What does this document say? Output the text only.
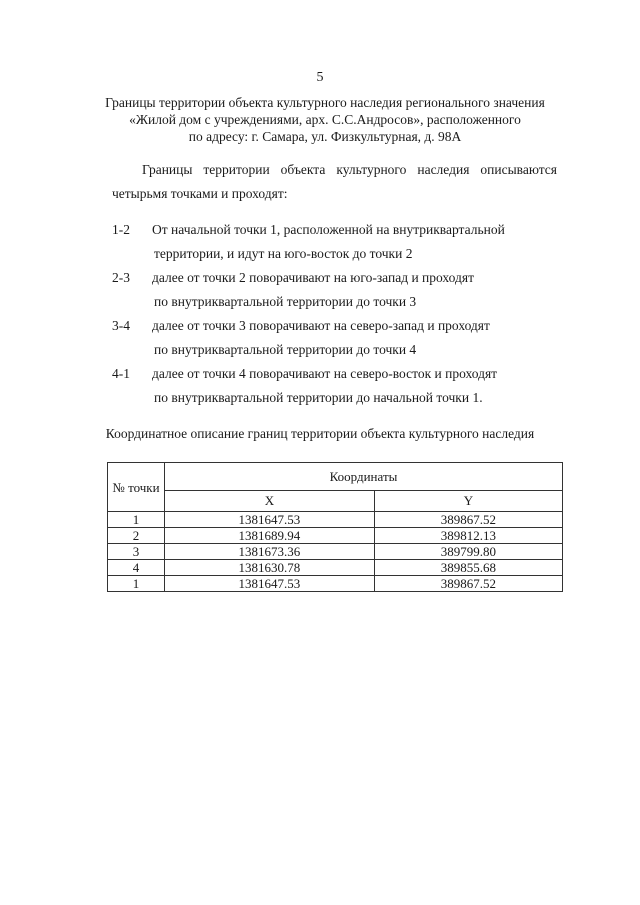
5
Границы территории объекта культурного наследия регионального значения
«Жилой дом с учреждениями, арх. С.С.Андросов», расположенного
по адресу: г. Самара, ул. Физкультурная, д. 98А
Границы территории объекта культурного наследия описываются
четырьмя точками и проходят:
1-2 От начальной точки 1, расположенной на внутриквартальной
территории, и идут на юго-восток до точки 2
2-3 далее от точки 2 поворачивают на юго-запад и проходят
по внутриквартальной территории до точки 3
3-4 далее от точки 3 поворачивают на северо-запад и проходят
по внутриквартальной территории до точки 4
4-1 далее от точки 4 поворачивают на северо-восток и проходят
по внутриквартальной территории до начальной точки 1.
Координатное описание границ территории объекта культурного наследия
№ точки	Координаты	
	X	Y
1	1381647.53	389867.52
2	1381689.94	389812.13
3	1381673.36	389799.80
4	1381630.78	389855.68
1	1381647.53	389867.52
